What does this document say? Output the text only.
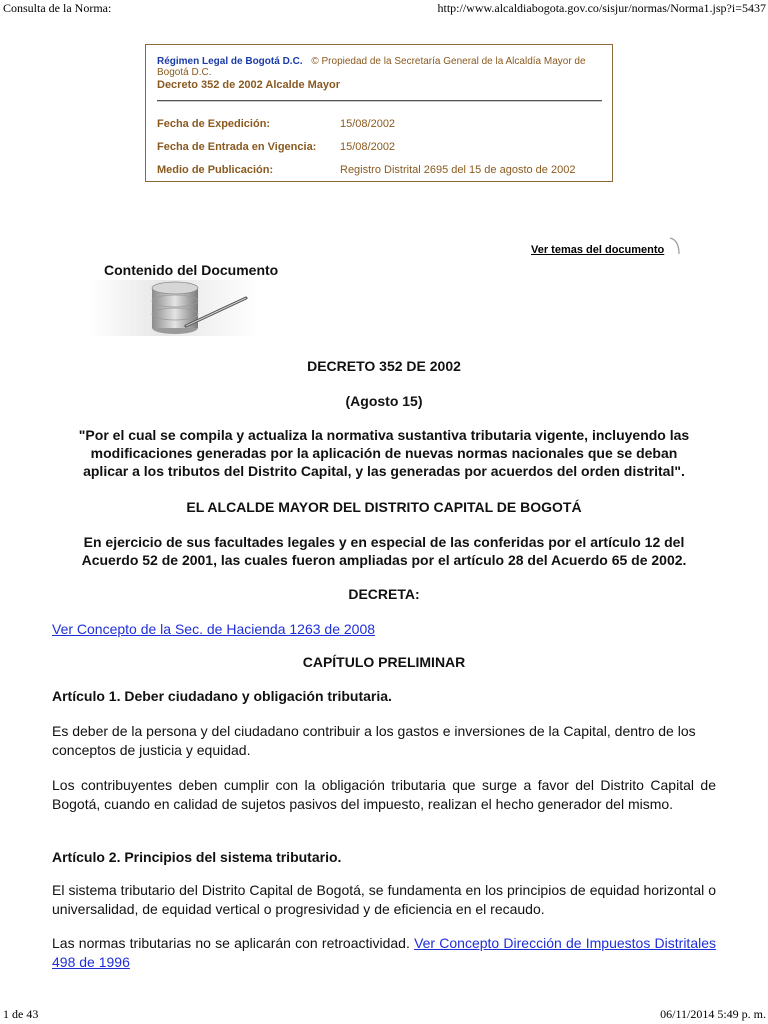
Consulta de la Norma:	http://www.alcaldiabogota.gov.co/sisjur/normas/Norma1.jsp?i=5437
Régimen Legal de Bogotá D.C. © Propiedad de la Secretaría General de la Alcaldía Mayor de Bogotá D.C.
Decreto 352 de 2002 Alcalde Mayor
Fecha de Expedición:	15/08/2002
Fecha de Entrada en Vigencia: 15/08/2002
Medio de Publicación:	Registro Distrital 2695 del 15 de agosto de 2002
Ver temas del documento
Contenido del Documento
DECRETO 352 DE 2002
(Agosto 15)
"Por el cual se compila y actualiza la normativa sustantiva tributaria vigente, incluyendo las
modificaciones generadas por la aplicación de nuevas normas nacionales que se deban
aplicar a los tributos del Distrito Capital, y las generadas por acuerdos del orden distrital".
EL ALCALDE MAYOR DEL DISTRITO CAPITAL DE BOGOTÁ
En ejercicio de sus facultades legales y en especial de las conferidas por el artículo 12 del
Acuerdo 52 de 2001, las cuales fueron ampliadas por el artículo 28 del Acuerdo 65 de 2002.
DECRETA:
Ver Concepto de la Sec. de Hacienda 1263 de 2008
CAPÍTULO PRELIMINAR
Artículo 1. Deber ciudadano y obligación tributaria.
Es deber de la persona y del ciudadano contribuir a los gastos e inversiones de la Capital, dentro de los conceptos de justicia y equidad.
Los contribuyentes deben cumplir con la obligación tributaria que surge a favor del Distrito Capital de Bogotá, cuando en calidad de sujetos pasivos del impuesto, realizan el hecho generador del mismo.
Artículo 2. Principios del sistema tributario.
El sistema tributario del Distrito Capital de Bogotá, se fundamenta en los principios de equidad horizontal o universalidad, de equidad vertical o progresividad y de eficiencia en el recaudo.
Las normas tributarias no se aplicarán con retroactividad. Ver Concepto Dirección de Impuestos Distritales 498 de 1996
1 de 43	06/11/2014 5:49 p. m.
